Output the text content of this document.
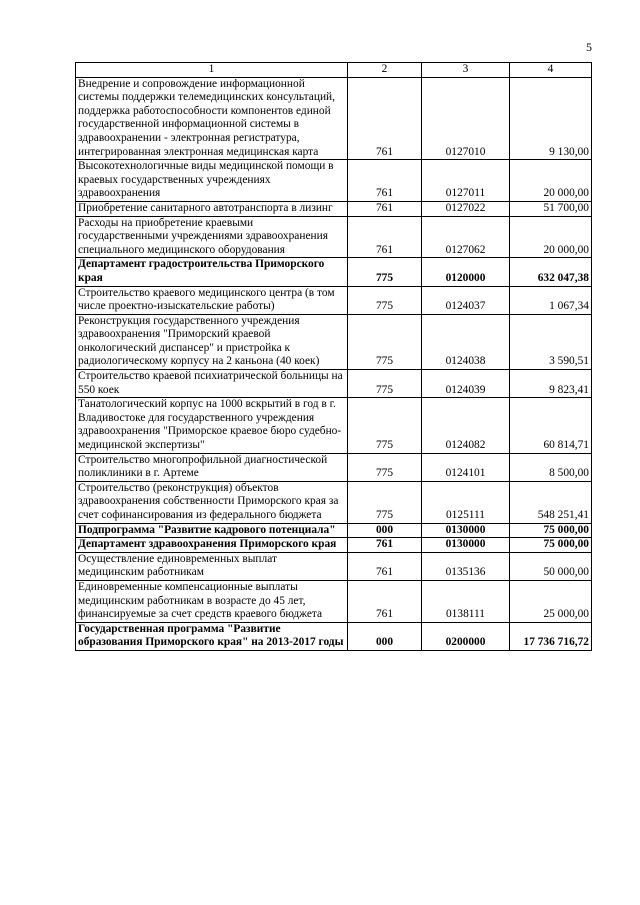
5
1	2	3	4
Внедрение и сопровождение информационной системы поддержки телемедицинских консультаций, поддержка работоспособности компонентов единой государственной информационной системы в здравоохранении - электронная регистратура, интегрированная электронная медицинская карта	761	0127010	9 130,00
Высокотехнологичные виды медицинской помощи в краевых государственных учреждениях здравоохранения	761	0127011	20 000,00
Приобретение санитарного автотранспорта в лизинг	761	0127022	51 700,00
Расходы на приобретение краевыми государственными учреждениями здравоохранения специального медицинского оборудования	761	0127062	20 000,00
Департамент градостроительства Приморского края	775	0120000	632 047,38
Строительство краевого медицинского центра (в том числе проектно-изыскательские работы)	775	0124037	1 067,34
Реконструкция государственного учреждения здравоохранения "Приморский краевой онкологический диспансер" и пристройка к радиологическому корпусу на 2 каньона (40 коек)	775	0124038	3 590,51
Строительство краевой психиатрической больницы на 550 коек	775	0124039	9 823,41
Танатологический корпус на 1000 вскрытий в год в г. Владивостоке для государственного учреждения здравоохранения "Приморское краевое бюро судебно-медицинской экспертизы"	775	0124082	60 814,71
Строительство многопрофильной диагностической поликлиники в г. Артеме	775	0124101	8 500,00
Строительство (реконструкция) объектов здравоохранения собственности Приморского края за счет софинансирования из федерального бюджета	775	0125111	548 251,41
Подпрограмма "Развитие кадрового потенциала"	000	0130000	75 000,00
Департамент здравоохранения Приморского края	761	0130000	75 000,00
Осуществление единовременных выплат медицинским работникам	761	0135136	50 000,00
Единовременные компенсационные выплаты медицинским работникам в возрасте до 45 лет, финансируемые за счет средств краевого бюджета	761	0138111	25 000,00
Государственная программа "Развитие образования Приморского края" на 2013-2017 годы	000	0200000	17 736 716,72
